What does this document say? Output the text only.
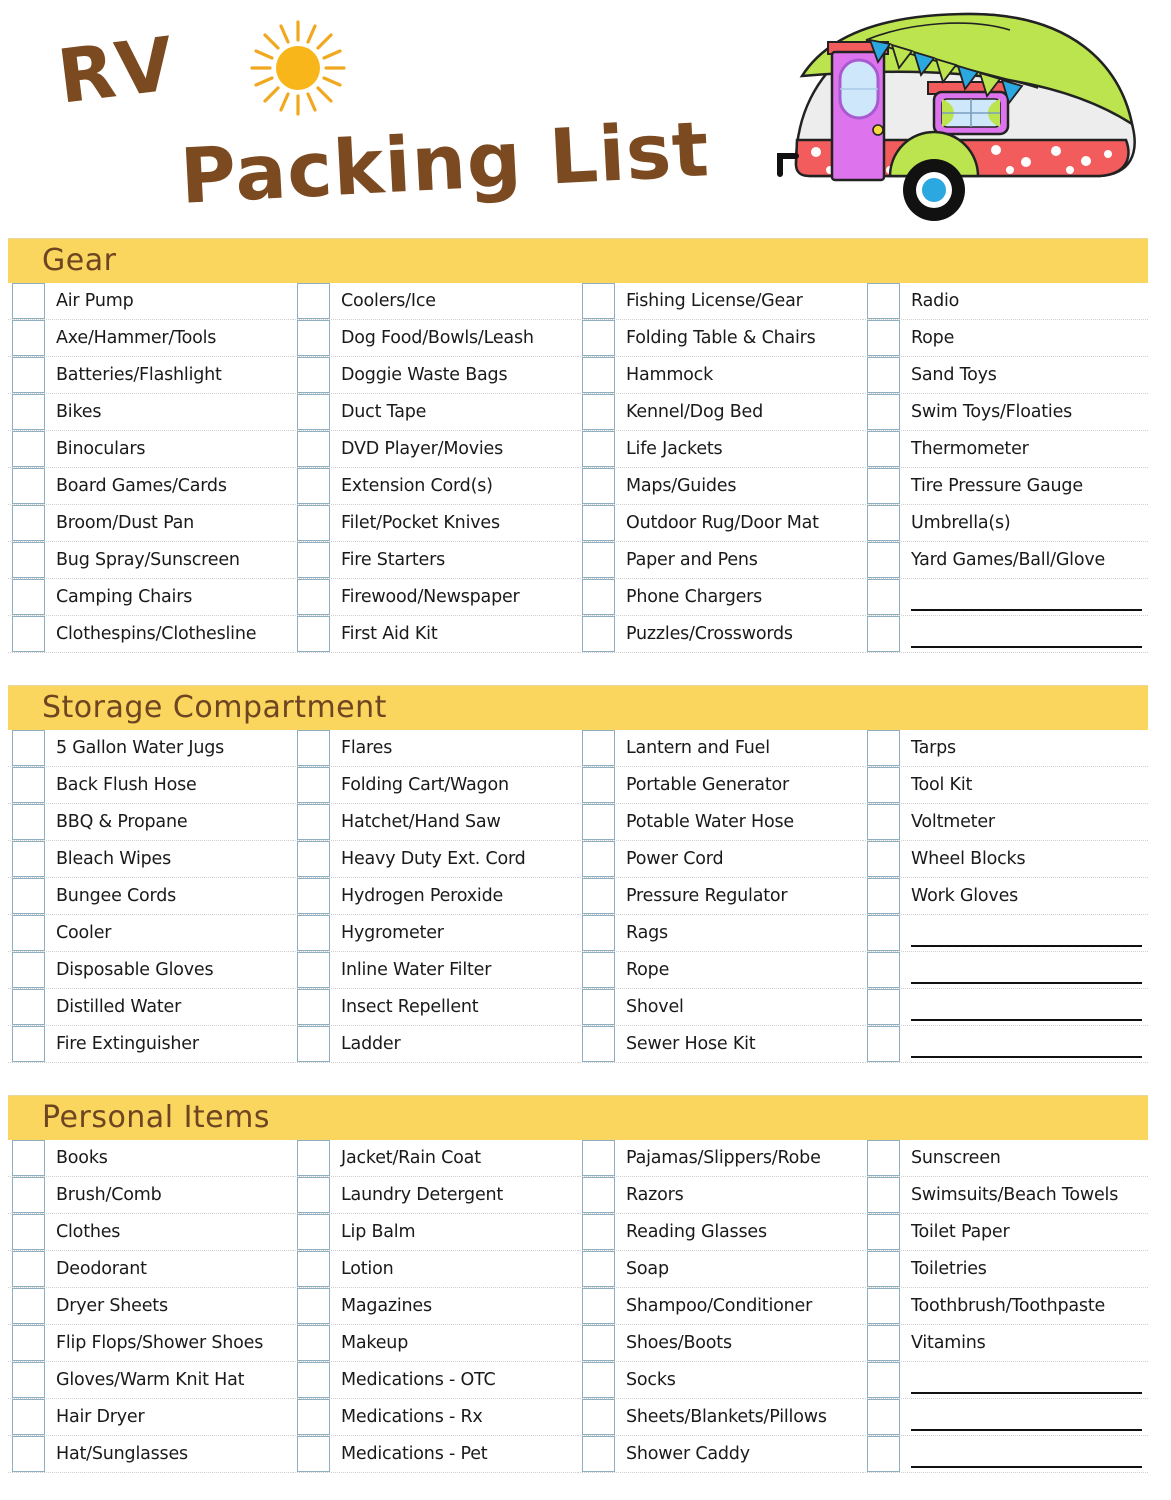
RV
Packing List
Gear
Air Pump
Axe/Hammer/Tools
Batteries/Flashlight
Bikes
Binoculars
Board Games/Cards
Broom/Dust Pan
Bug Spray/Sunscreen
Camping Chairs
Clothespins/Clothesline
Coolers/Ice
Dog Food/Bowls/Leash
Doggie Waste Bags
Duct Tape
DVD Player/Movies
Extension Cord(s)
Filet/Pocket Knives
Fire Starters
Firewood/Newspaper
First Aid Kit
Fishing License/Gear
Folding Table & Chairs
Hammock
Kennel/Dog Bed
Life Jackets
Maps/Guides
Outdoor Rug/Door Mat
Paper and Pens
Phone Chargers
Puzzles/Crosswords
Radio
Rope
Sand Toys
Swim Toys/Floaties
Thermometer
Tire Pressure Gauge
Umbrella(s)
Yard Games/Ball/Glove
Storage Compartment
5 Gallon Water Jugs
Back Flush Hose
BBQ & Propane
Bleach Wipes
Bungee Cords
Cooler
Disposable Gloves
Distilled Water
Fire Extinguisher
Flares
Folding Cart/Wagon
Hatchet/Hand Saw
Heavy Duty Ext. Cord
Hydrogen Peroxide
Hygrometer
Inline Water Filter
Insect Repellent
Ladder
Lantern and Fuel
Portable Generator
Potable Water Hose
Power Cord
Pressure Regulator
Rags
Rope
Shovel
Sewer Hose Kit
Tarps
Tool Kit
Voltmeter
Wheel Blocks
Work Gloves
Personal Items
Books
Brush/Comb
Clothes
Deodorant
Dryer Sheets
Flip Flops/Shower Shoes
Gloves/Warm Knit Hat
Hair Dryer
Hat/Sunglasses
Jacket/Rain Coat
Laundry Detergent
Lip Balm
Lotion
Magazines
Makeup
Medications - OTC
Medications - Rx
Medications - Pet
Pajamas/Slippers/Robe
Razors
Reading Glasses
Soap
Shampoo/Conditioner
Shoes/Boots
Socks
Sheets/Blankets/Pillows
Shower Caddy
Sunscreen
Swimsuits/Beach Towels
Toilet Paper
Toiletries
Toothbrush/Toothpaste
Vitamins
